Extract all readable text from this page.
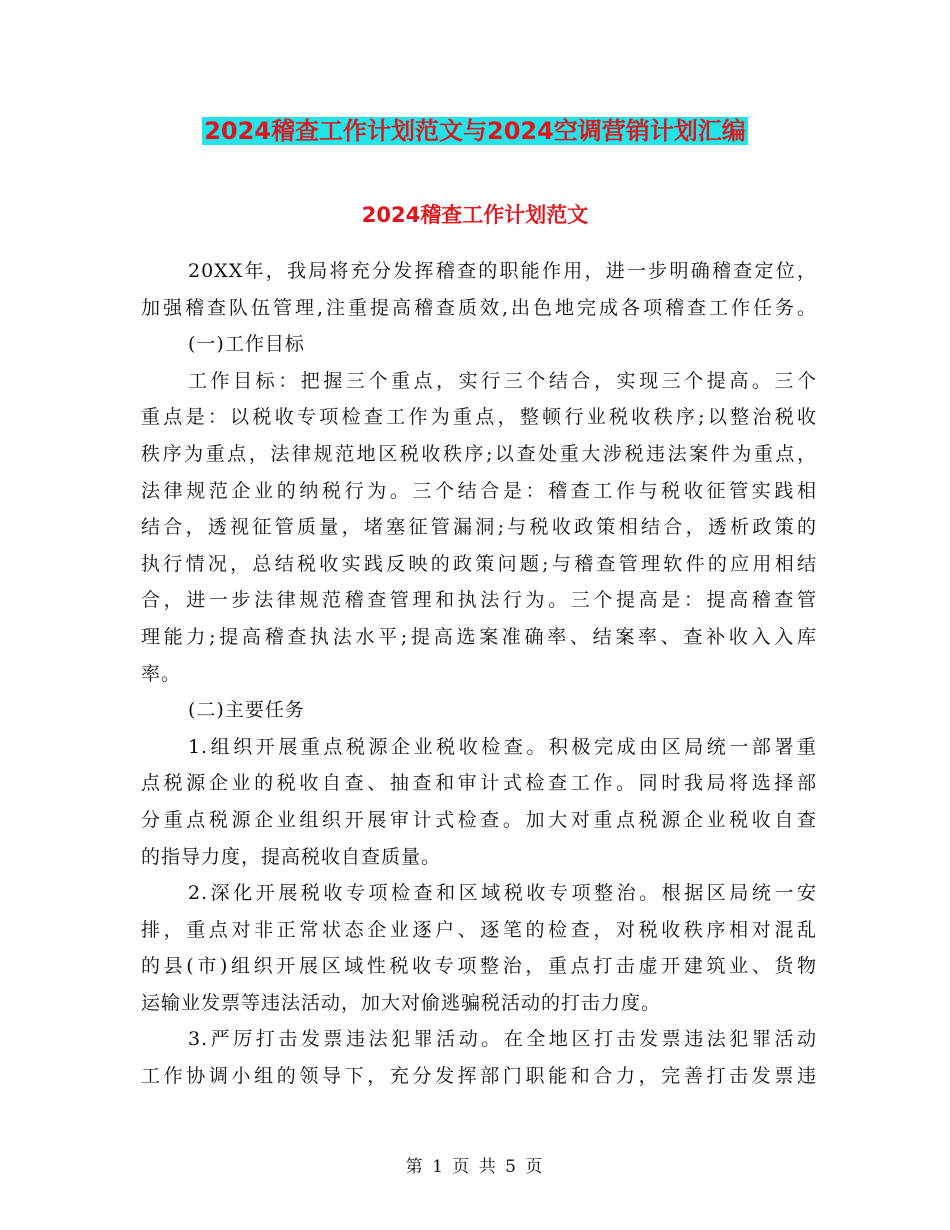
2024稽查工作计划范文与2024空调营销计划汇编
2024稽查工作计划范文
20XX年，我局将充分发挥稽查的职能作用，进一步明确稽查定位，
加强稽查队伍管理,注重提高稽查质效,出色地完成各项稽查工作任务。
(一)工作目标
工作目标：把握三个重点，实行三个结合，实现三个提高。三个
重点是：以税收专项检查工作为重点，整顿行业税收秩序;以整治税收
秩序为重点，法律规范地区税收秩序;以查处重大涉税违法案件为重点，
法律规范企业的纳税行为。三个结合是：稽查工作与税收征管实践相
结合，透视征管质量，堵塞征管漏洞;与税收政策相结合，透析政策的
执行情况，总结税收实践反映的政策问题;与稽查管理软件的应用相结
合，进一步法律规范稽查管理和执法行为。三个提高是：提高稽查管
理能力;提高稽查执法水平;提高选案准确率、结案率、查补收入入库
率。
(二)主要任务
1.组织开展重点税源企业税收检查。积极完成由区局统一部署重
点税源企业的税收自查、抽查和审计式检查工作。同时我局将选择部
分重点税源企业组织开展审计式检查。加大对重点税源企业税收自查
的指导力度，提高税收自查质量。
2.深化开展税收专项检查和区域税收专项整治。根据区局统一安
排，重点对非正常状态企业逐户、逐笔的检查，对税收秩序相对混乱
的县(市)组织开展区域性税收专项整治，重点打击虚开建筑业、货物
运输业发票等违法活动，加大对偷逃骗税活动的打击力度。
3.严厉打击发票违法犯罪活动。在全地区打击发票违法犯罪活动
工作协调小组的领导下，充分发挥部门职能和合力，完善打击发票违
第 1 页 共 5 页
